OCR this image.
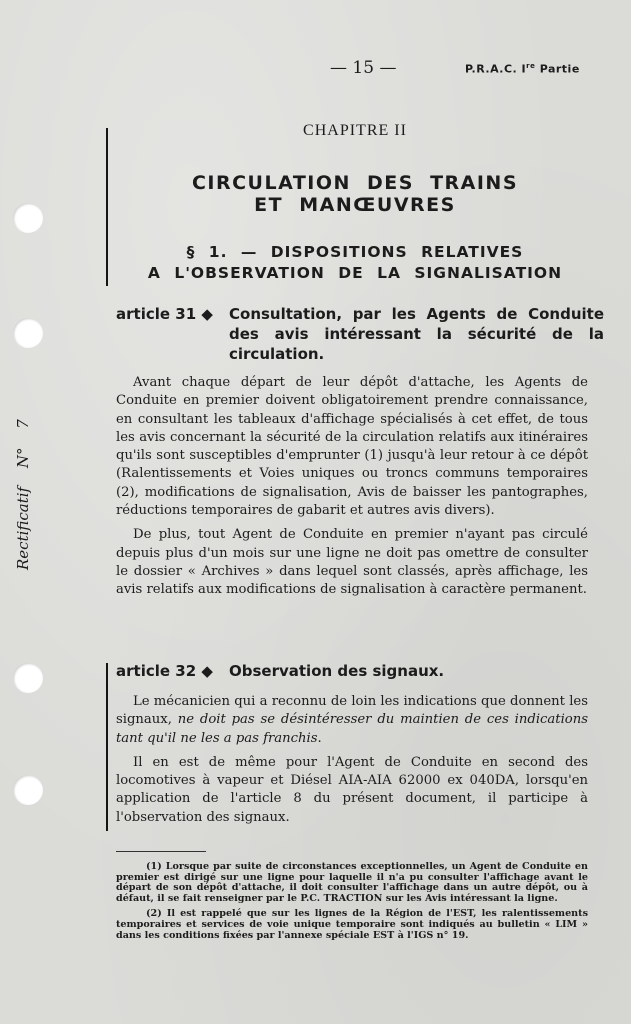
Rectificatif N° 7
— 15 —	P.R.A.C. Ire Partie
CHAPITRE II
CIRCULATION DES TRAINS
ET MANŒUVRES
§ 1. — DISPOSITIONS RELATIVES
A L'OBSERVATION DE LA SIGNALISATION
article 31 ◆ Consultation, par les Agents de Conduite des avis intéressant la sécurité de la circulation.

Avant chaque départ de leur dépôt d'attache, les Agents de Conduite en premier doivent obligatoirement prendre connaissance, en consultant les tableaux d'affichage spécialisés à cet effet, de tous les avis concernant la sécurité de la circulation relatifs aux itinéraires qu'ils sont susceptibles d'emprunter (1) jusqu'à leur retour à ce dépôt (Ralentissements et Voies uniques ou troncs communs temporaires (2), modifications de signalisation, Avis de baisser les pantographes, réductions temporaires de gabarit et autres avis divers).

De plus, tout Agent de Conduite en premier n'ayant pas circulé depuis plus d'un mois sur une ligne ne doit pas omettre de consulter le dossier « Archives » dans lequel sont classés, après affichage, les avis relatifs aux modifications de signalisation à caractère permanent.

article 32 ◆ Observation des signaux.

Le mécanicien qui a reconnu de loin les indications que donnent les signaux, ne doit pas se désintéresser du maintien de ces indications tant qu'il ne les a pas franchis.

Il en est de même pour l'Agent de Conduite en second des locomotives à vapeur et Diésel AIA-AIA 62000 ex 040DA, lorsqu'en application de l'article 8 du présent document, il participe à l'observation des signaux.

(1) Lorsque par suite de circonstances exceptionnelles, un Agent de Conduite en premier est dirigé sur une ligne pour laquelle il n'a pu consulter l'affichage avant le départ de son dépôt d'attache, il doit consulter l'affichage dans un autre dépôt, ou à défaut, il se fait renseigner par le P.C. TRACTION sur les Avis intéressant la ligne.

(2) Il est rappelé que sur les lignes de la Région de l'EST, les ralentissements temporaires et services de voie unique temporaire sont indiqués au bulletin « LIM » dans les conditions fixées par l'annexe spéciale EST à l'IGS n° 19.
